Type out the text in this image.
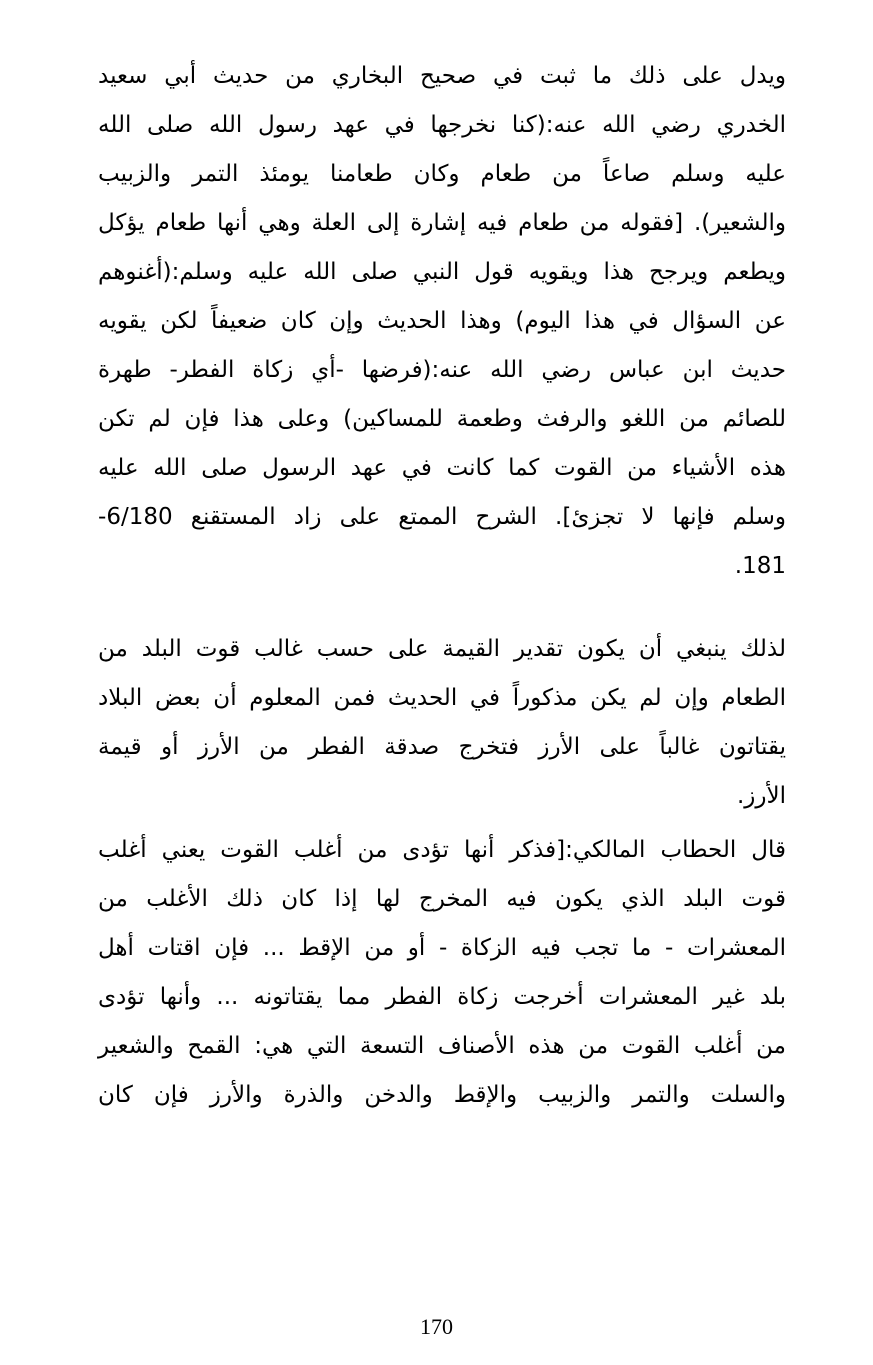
ويدل على ذلك ما ثبت في صحيح البخاري من حديث أبي سعيد
الخدري رضي الله عنه:(كنا نخرجها في عهد رسول الله صلى الله
عليه وسلم صاعاً من طعام وكان طعامنا يومئذ التمر والزبيب
والشعير). [فقوله من طعام فيه إشارة إلى العلة وهي أنها طعام يؤكل
ويطعم ويرجح هذا ويقويه قول النبي صلى الله عليه وسلم:(أغنوهم
عن السؤال في هذا اليوم) وهذا الحديث وإن كان ضعيفاً لكن يقويه
حديث ابن عباس رضي الله عنه:(فرضها -أي زكاة الفطر- طهرة
للصائم من اللغو والرفث وطعمة للمساكين) وعلى هذا فإن لم تكن
هذه الأشياء من القوت كما كانت في عهد الرسول صلى الله عليه
وسلم فإنها لا تجزئ]. الشرح الممتع على زاد المستقنع 6/180-
181.
لذلك ينبغي أن يكون تقدير القيمة على حسب غالب قوت البلد من
الطعام وإن لم يكن مذكوراً في الحديث فمن المعلوم أن بعض البلاد
يقتاتون غالباً على الأرز فتخرج صدقة الفطر من الأرز أو قيمة
الأرز.
قال الحطاب المالكي:[فذكر أنها تؤدى من أغلب القوت يعني أغلب
قوت البلد الذي يكون فيه المخرج لها إذا كان ذلك الأغلب من
المعشرات - ما تجب فيه الزكاة - أو من الإقط ... فإن اقتات أهل
بلد غير المعشرات أخرجت زكاة الفطر مما يقتاتونه ... وأنها تؤدى
من أغلب القوت من هذه الأصناف التسعة التي هي: القمح والشعير
والسلت والتمر والزبيب والإقط والدخن والذرة والأرز فإن كان
170
